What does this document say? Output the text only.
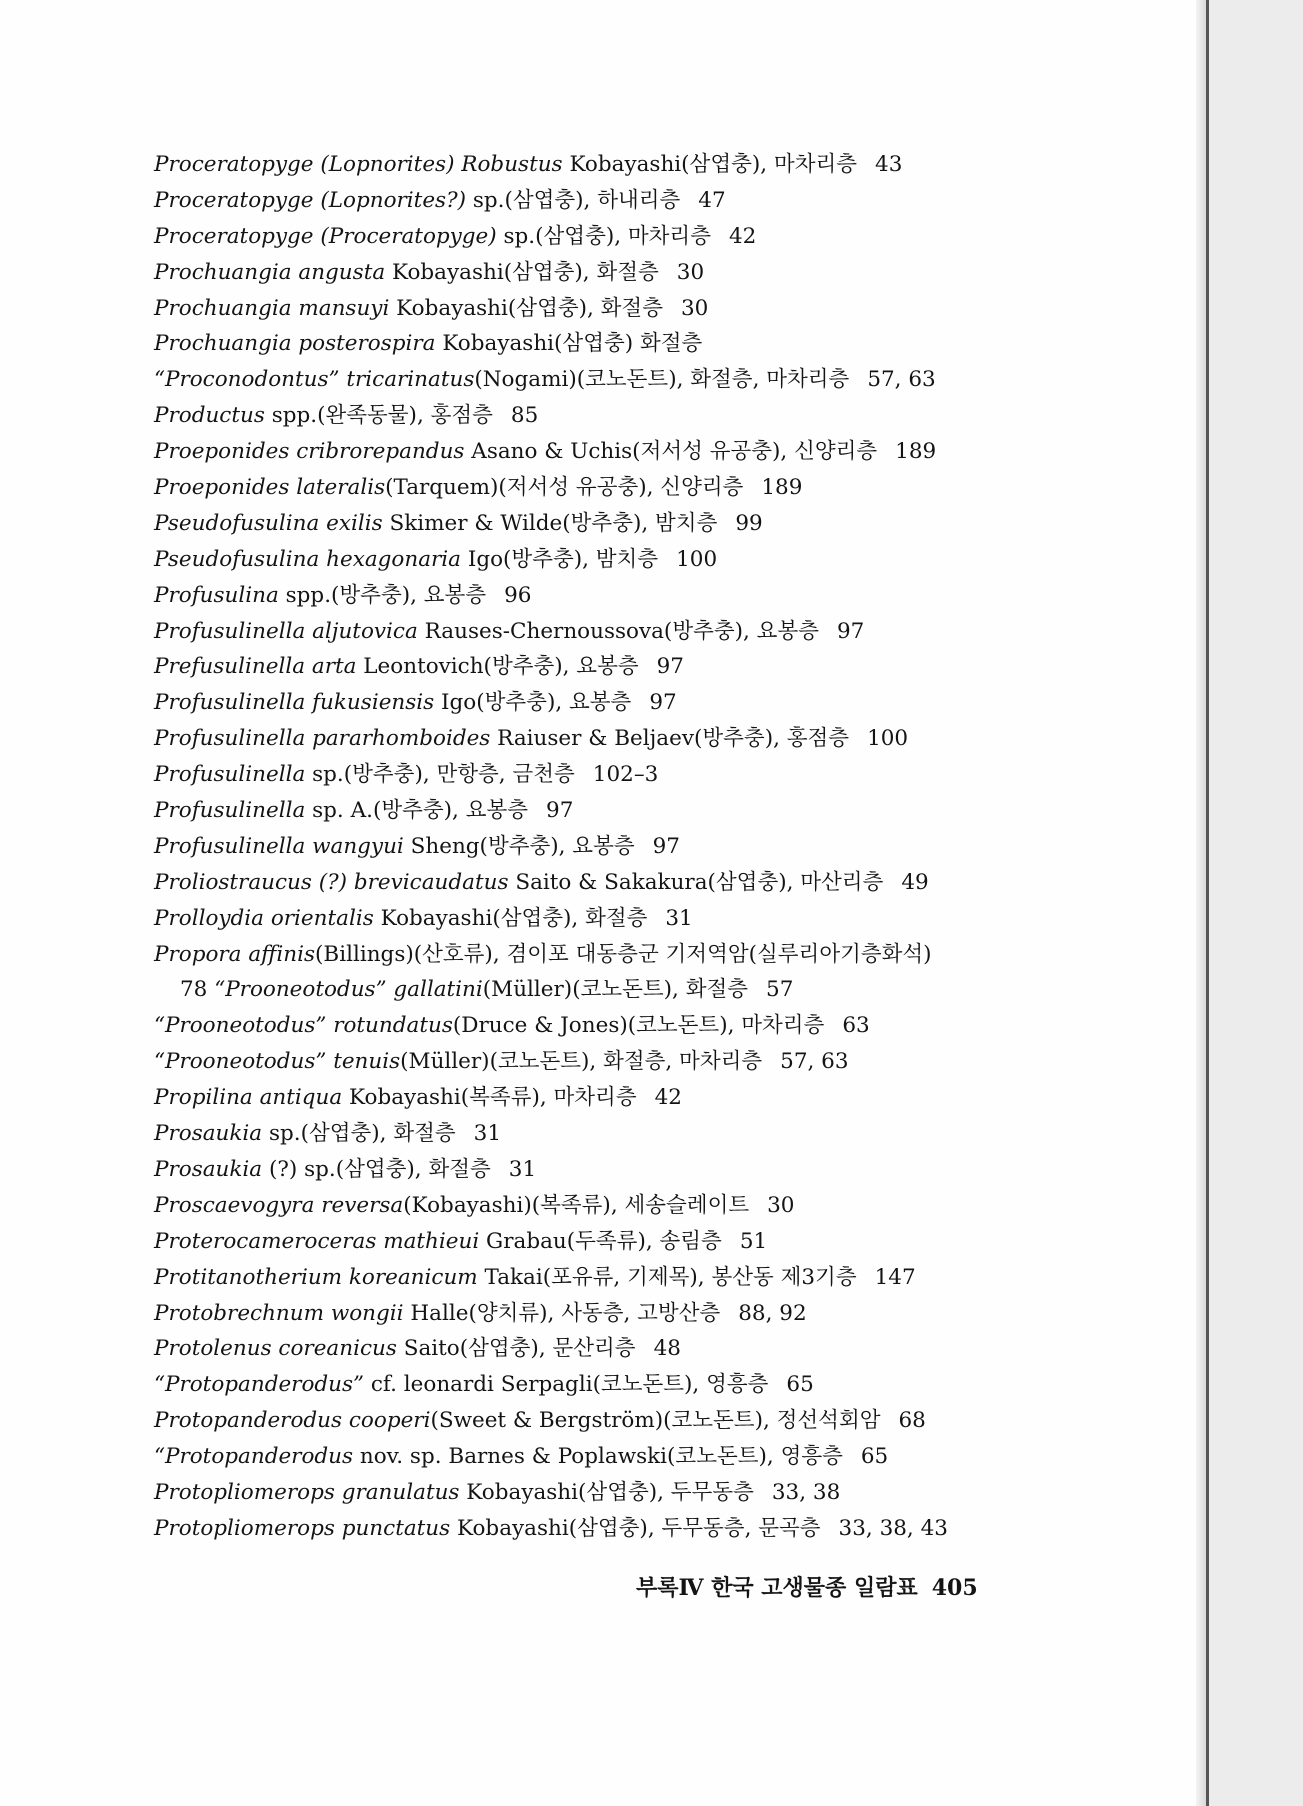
Proceratopyge (Lopnorites) Robustus Kobayashi(삼엽충), 마차리층 43
Proceratopyge (Lopnorites?) sp.(삼엽충), 하내리층 47
Proceratopyge (Proceratopyge) sp.(삼엽충), 마차리층 42
Prochuangia angusta Kobayashi(삼엽충), 화절층 30
Prochuangia mansuyi Kobayashi(삼엽충), 화절층 30
Prochuangia posterospira Kobayashi(삼엽충) 화절층
“Proconodontus” tricarinatus(Nogami)(코노돈트), 화절층, 마차리층 57, 63
Productus spp.(완족동물), 홍점층 85
Proeponides cribrorepandus Asano & Uchis(저서성 유공충), 신양리층 189
Proeponides lateralis(Tarquem)(저서성 유공충), 신양리층 189
Pseudofusulina exilis Skimer & Wilde(방추충), 밤치층 99
Pseudofusulina hexagonaria Igo(방추충), 밤치층 100
Profusulina spp.(방추충), 요봉층 96
Profusulinella aljutovica Rauses-Chernoussova(방추충), 요봉층 97
Prefusulinella arta Leontovich(방추충), 요봉층 97
Profusulinella fukusiensis Igo(방추충), 요봉층 97
Profusulinella pararhomboides Raiuser & Beljaev(방추충), 홍점층 100
Profusulinella sp.(방추충), 만항층, 금천층 102–3
Profusulinella sp. A.(방추충), 요봉층 97
Profusulinella wangyui Sheng(방추충), 요봉층 97
Proliostraucus (?) brevicaudatus Saito & Sakakura(삼엽충), 마산리층 49
Prolloydia orientalis Kobayashi(삼엽충), 화절층 31
Propora affinis(Billings)(산호류), 겸이포 대동층군 기저역암(실루리아기층화석)
78 “Prooneotodus” gallatini(Müller)(코노돈트), 화절층 57
“Prooneotodus” rotundatus(Druce & Jones)(코노돈트), 마차리층 63
“Prooneotodus” tenuis(Müller)(코노돈트), 화절층, 마차리층 57, 63
Propilina antiqua Kobayashi(복족류), 마차리층 42
Prosaukia sp.(삼엽충), 화절층 31
Prosaukia (?) sp.(삼엽충), 화절층 31
Proscaevogyra reversa(Kobayashi)(복족류), 세송슬레이트 30
Proterocameroceras mathieui Grabau(두족류), 송림층 51
Protitanotherium koreanicum Takai(포유류, 기제목), 봉산동 제3기층 147
Protobrechnum wongii Halle(양치류), 사동층, 고방산층 88, 92
Protolenus coreanicus Saito(삼엽충), 문산리층 48
“Protopanderodus” cf. leonardi Serpagli(코노돈트), 영흥층 65
Protopanderodus cooperi(Sweet & Bergström)(코노돈트), 정선석회암 68
“Protopanderodus nov. sp. Barnes & Poplawski(코노돈트), 영흥층 65
Protopliomerops granulatus Kobayashi(삼엽충), 두무동층 33, 38
Protopliomerops punctatus Kobayashi(삼엽충), 두무동층, 문곡층 33, 38, 43
부록Ⅳ 한국 고생물종 일람표 405
